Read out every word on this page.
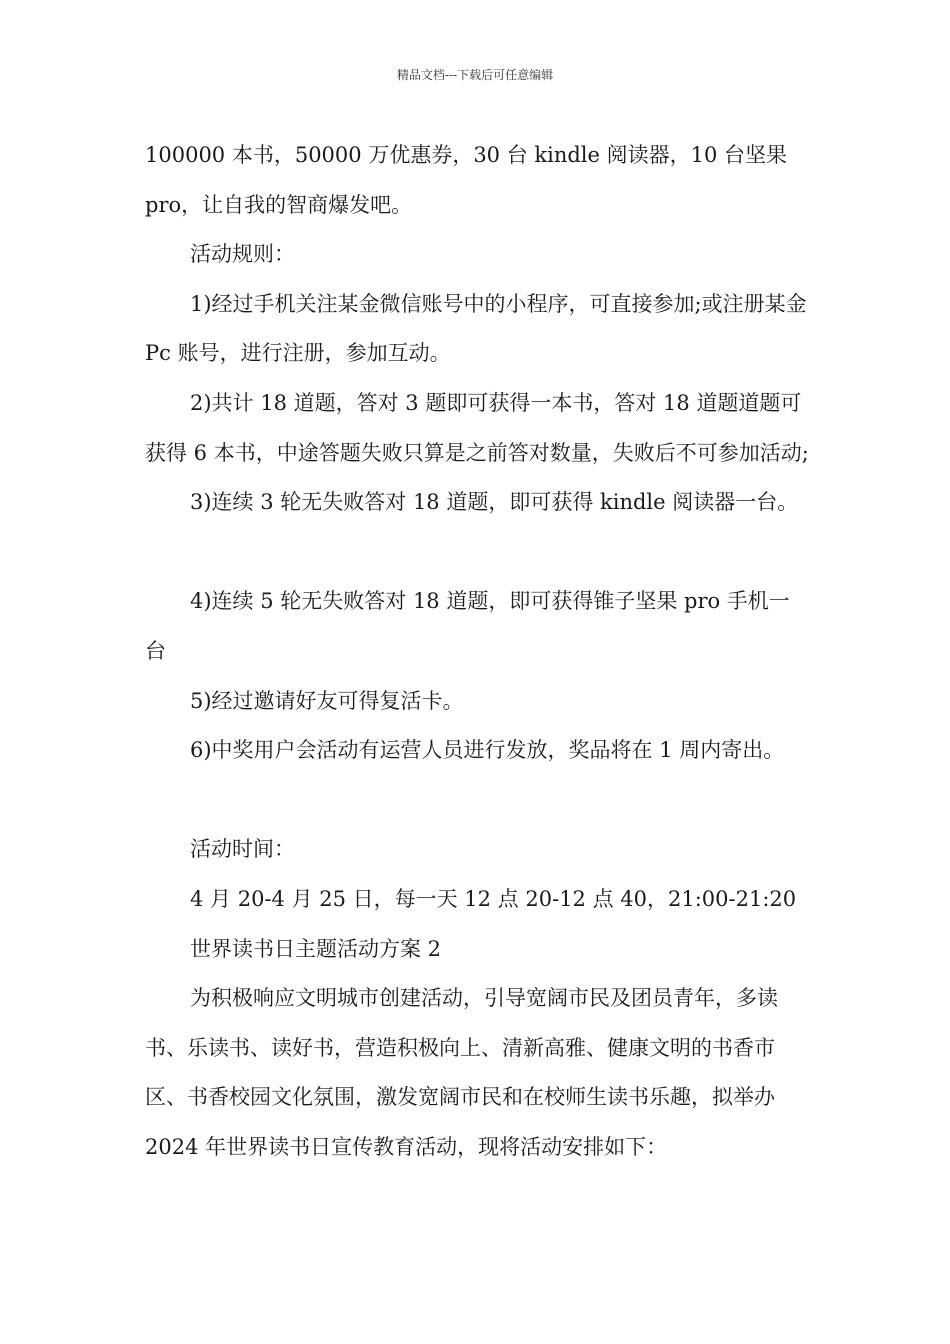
精品文档---下载后可任意编辑

100000 本书，50000 万优惠券，30 台 kindle 阅读器，10 台坚果 pro，让自我的智商爆发吧。

活动规则：

1)经过手机关注某金微信账号中的小程序，可直接参加;或注册某金 Pc 账号，进行注册，参加互动。

2)共计 18 道题，答对 3 题即可获得一本书，答对 18 道题道题可获得 6 本书，中途答题失败只算是之前答对数量，失败后不可参加活动;

3)连续 3 轮无失败答对 18 道题，即可获得 kindle 阅读器一台。

4)连续 5 轮无失败答对 18 道题，即可获得锥子坚果 pro 手机一台

5)经过邀请好友可得复活卡。

6)中奖用户会活动有运营人员进行发放，奖品将在 1 周内寄出。

活动时间：

4 月 20-4 月 25 日，每一天 12 点 20-12 点 40，21:00-21:20

世界读书日主题活动方案 2

为积极响应文明城市创建活动，引导宽阔市民及团员青年，多读书、乐读书、读好书，营造积极向上、清新高雅、健康文明的书香市区、书香校园文化氛围，激发宽阔市民和在校师生读书乐趣，拟举办 2024 年世界读书日宣传教育活动，现将活动安排如下：
